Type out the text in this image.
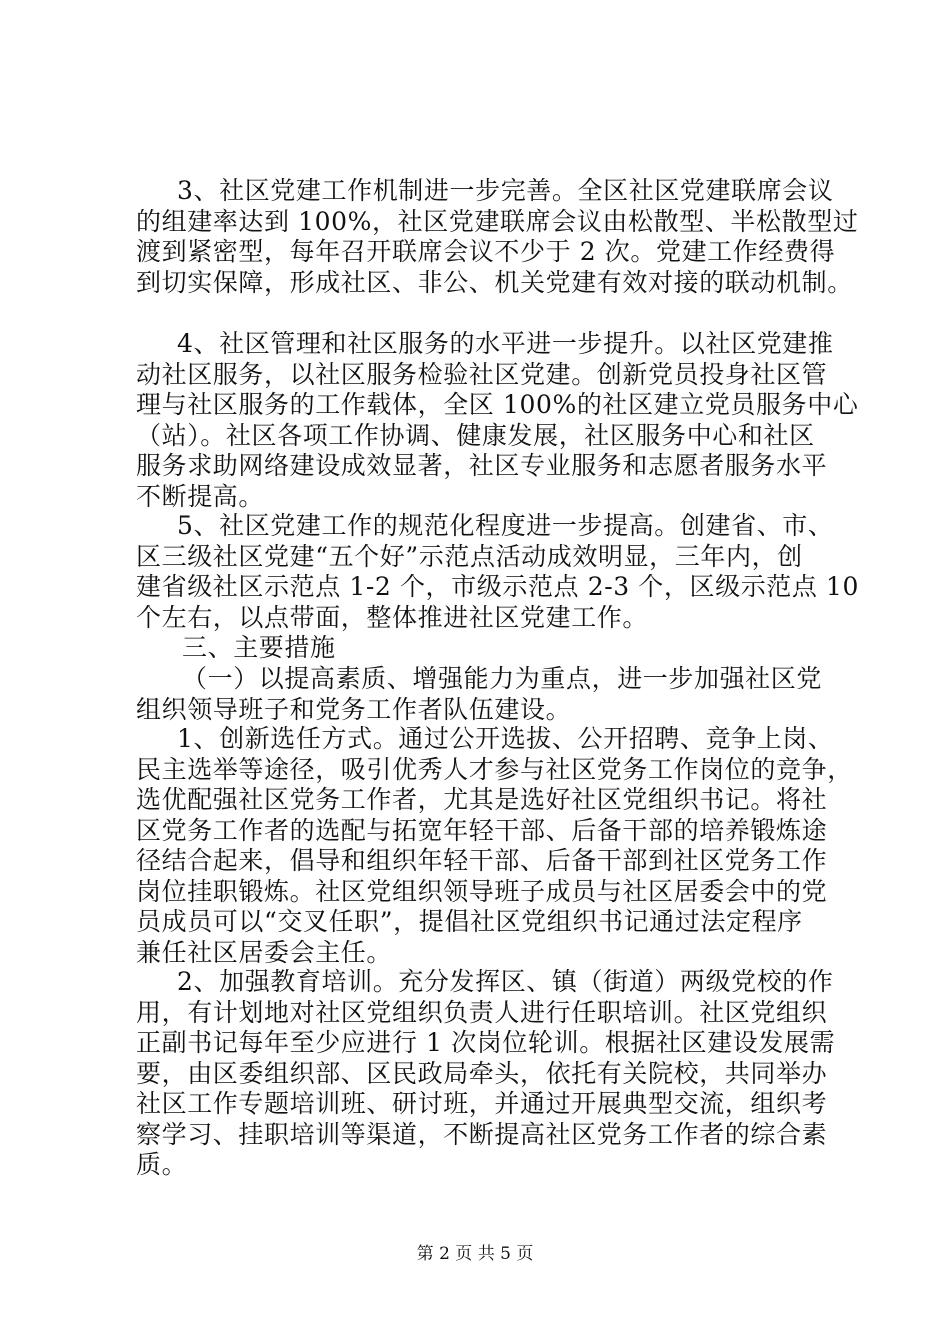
3、社区党建工作机制进一步完善。全区社区党建联席会议
的组建率达到 100%，社区党建联席会议由松散型、半松散型过
渡到紧密型，每年召开联席会议不少于 2 次。党建工作经费得
到切实保障，形成社区、非公、机关党建有效对接的联动机制。
4、社区管理和社区服务的水平进一步提升。以社区党建推
动社区服务，以社区服务检验社区党建。创新党员投身社区管
理与社区服务的工作载体，全区 100%的社区建立党员服务中心
（站）。社区各项工作协调、健康发展，社区服务中心和社区
服务求助网络建设成效显著，社区专业服务和志愿者服务水平
不断提高。
5、社区党建工作的规范化程度进一步提高。创建省、市、
区三级社区党建“五个好”示范点活动成效明显，三年内，创
建省级社区示范点 1-2 个，市级示范点 2-3 个，区级示范点 10
个左右，以点带面，整体推进社区党建工作。
三、主要措施
（一）以提高素质、增强能力为重点，进一步加强社区党
组织领导班子和党务工作者队伍建设。
1、创新选任方式。通过公开选拔、公开招聘、竞争上岗、
民主选举等途径，吸引优秀人才参与社区党务工作岗位的竞争，
选优配强社区党务工作者，尤其是选好社区党组织书记。将社
区党务工作者的选配与拓宽年轻干部、后备干部的培养锻炼途
径结合起来，倡导和组织年轻干部、后备干部到社区党务工作
岗位挂职锻炼。社区党组织领导班子成员与社区居委会中的党
员成员可以“交叉任职”，提倡社区党组织书记通过法定程序
兼任社区居委会主任。
2、加强教育培训。充分发挥区、镇（街道）两级党校的作
用，有计划地对社区党组织负责人进行任职培训。社区党组织
正副书记每年至少应进行 1 次岗位轮训。根据社区建设发展需
要，由区委组织部、区民政局牵头，依托有关院校，共同举办
社区工作专题培训班、研讨班，并通过开展典型交流，组织考
察学习、挂职培训等渠道，不断提高社区党务工作者的综合素
质。
第 2 页 共 5 页
